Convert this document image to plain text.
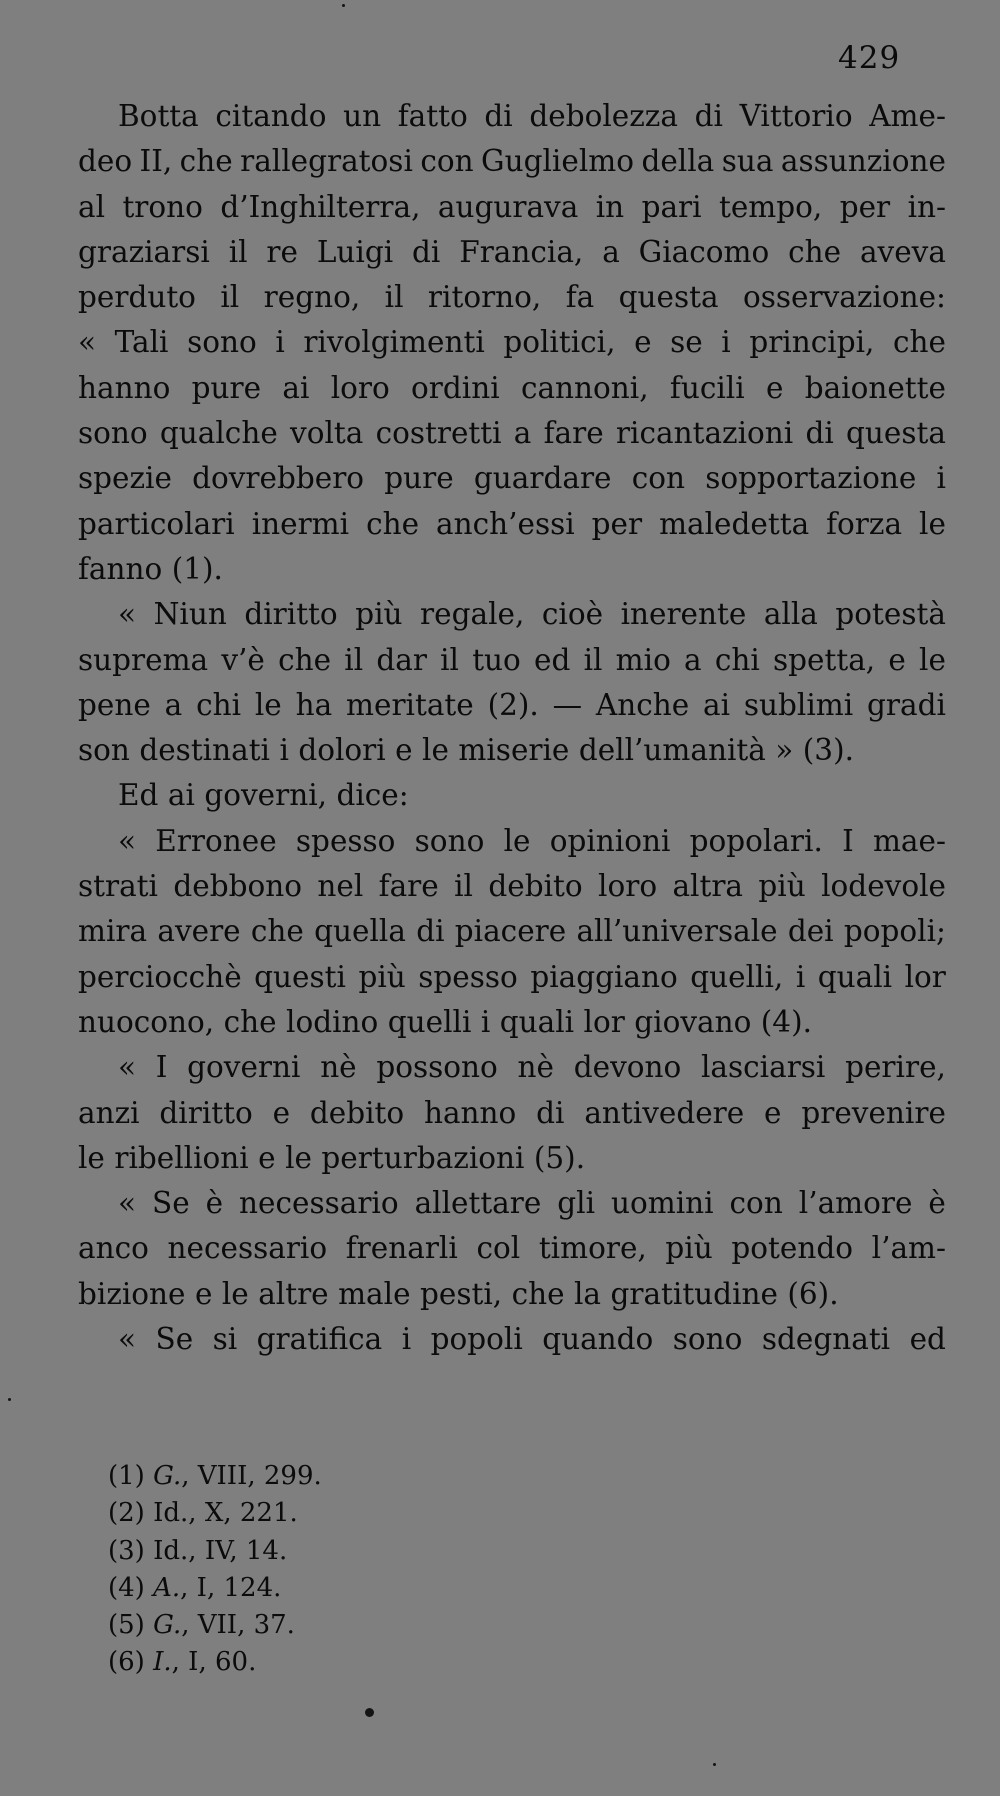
429
Botta citando un fatto di debolezza di Vittorio Ame-
deo II, che rallegratosi con Guglielmo della sua assunzione
al trono d’Inghilterra, augurava in pari tempo, per in-
graziarsi il re Luigi di Francia, a Giacomo che aveva
perduto il regno, il ritorno, fa questa osservazione:
« Tali sono i rivolgimenti politici, e se i principi, che
hanno pure ai loro ordini cannoni, fucili e baionette
sono qualche volta costretti a fare ricantazioni di questa
spezie dovrebbero pure guardare con sopportazione i
particolari inermi che anch’essi per maledetta forza le
fanno (1).
« Niun diritto più regale, cioè inerente alla potestà
suprema v’è che il dar il tuo ed il mio a chi spetta, e le
pene a chi le ha meritate (2). — Anche ai sublimi gradi
son destinati i dolori e le miserie dell’umanità » (3).
Ed ai governi, dice:
« Erronee spesso sono le opinioni popolari. I mae-
strati debbono nel fare il debito loro altra più lodevole
mira avere che quella di piacere all’universale dei popoli;
perciocchè questi più spesso piaggiano quelli, i quali lor
nuocono, che lodino quelli i quali lor giovano (4).
« I governi nè possono nè devono lasciarsi perire,
anzi diritto e debito hanno di antivedere e prevenire
le ribellioni e le perturbazioni (5).
« Se è necessario allettare gli uomini con l’amore è
anco necessario frenarli col timore, più potendo l’am-
bizione e le altre male pesti, che la gratitudine (6).
« Se si gratifica i popoli quando sono sdegnati ed
(1) G., VIII, 299.
(2) Id., X, 221.
(3) Id., IV, 14.
(4) A., I, 124.
(5) G., VII, 37.
(6) I., I, 60.
